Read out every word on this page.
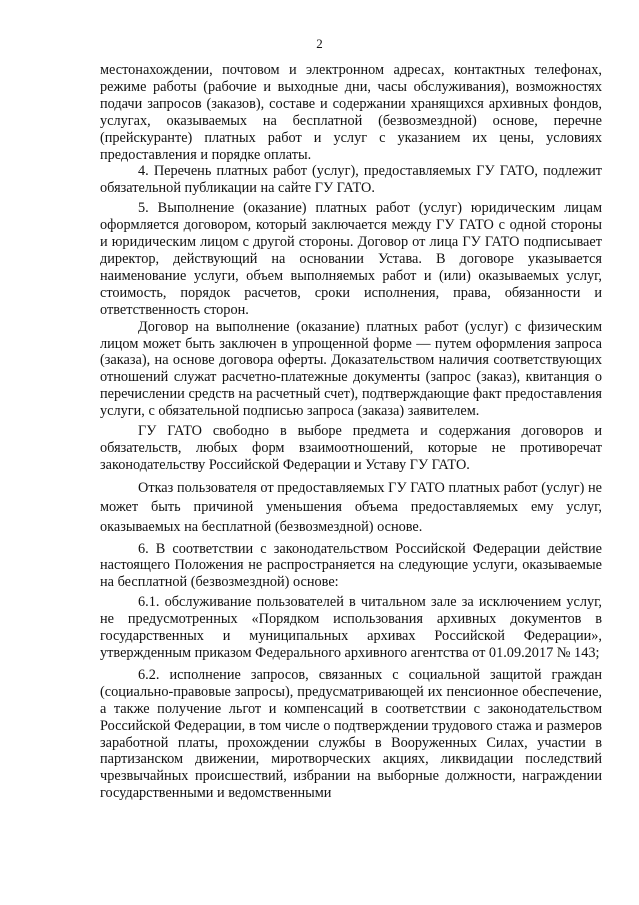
2

местонахождении, почтовом и электронном адресах, контактных телефонах, режиме работы (рабочие и выходные дни, часы обслуживания), возможностях подачи запросов (заказов), составе и содержании хранящихся архивных фондов, услугах, оказываемых на бесплатной (безвозмездной) основе, перечне (прейскуранте) платных работ и услуг с указанием их цены, условиях предоставления и порядке оплаты.

4. Перечень платных работ (услуг), предоставляемых ГУ ГАТО, подлежит обязательной публикации на сайте ГУ ГАТО.

5. Выполнение (оказание) платных работ (услуг) юридическим лицам оформляется договором, который заключается между ГУ ГАТО с одной стороны и юридическим лицом с другой стороны. Договор от лица ГУ ГАТО подписывает директор, действующий на основании Устава. В договоре указывается наименование услуги, объем выполняемых работ и (или) оказываемых услуг, стоимость, порядок расчетов, сроки исполнения, права, обязанности и ответственность сторон.

Договор на выполнение (оказание) платных работ (услуг) с физическим лицом может быть заключен в упрощенной форме — путем оформления запроса (заказа), на основе договора оферты. Доказательством наличия соответствующих отношений служат расчетно-платежные документы (запрос (заказ), квитанция о перечислении средств на расчетный счет), подтверждающие факт предоставления услуги, с обязательной подписью запроса (заказа) заявителем.

ГУ ГАТО свободно в выборе предмета и содержания договоров и обязательств, любых форм взаимоотношений, которые не противоречат законодательству Российской Федерации и Уставу ГУ ГАТО.

Отказ пользователя от предоставляемых ГУ ГАТО платных работ (услуг) не может быть причиной уменьшения объема предоставляемых ему услуг, оказываемых на бесплатной (безвозмездной) основе.

6. В соответствии с законодательством Российской Федерации действие настоящего Положения не распространяется на следующие услуги, оказываемые на бесплатной (безвозмездной) основе:

6.1. обслуживание пользователей в читальном зале за исключением услуг, не предусмотренных «Порядком использования архивных документов в государственных и муниципальных архивах Российской Федерации», утвержденным приказом Федерального архивного агентства от 01.09.2017 № 143;

6.2. исполнение запросов, связанных с социальной защитой граждан (социально-правовые запросы), предусматривающей их пенсионное обеспечение, а также получение льгот и компенсаций в соответствии с законодательством Российской Федерации, в том числе о подтверждении трудового стажа и размеров заработной платы, прохождении службы в Вооруженных Силах, участии в партизанском движении, миротворческих акциях, ликвидации последствий чрезвычайных происшествий, избрании на выборные должности, награждении государственными и ведомственными
